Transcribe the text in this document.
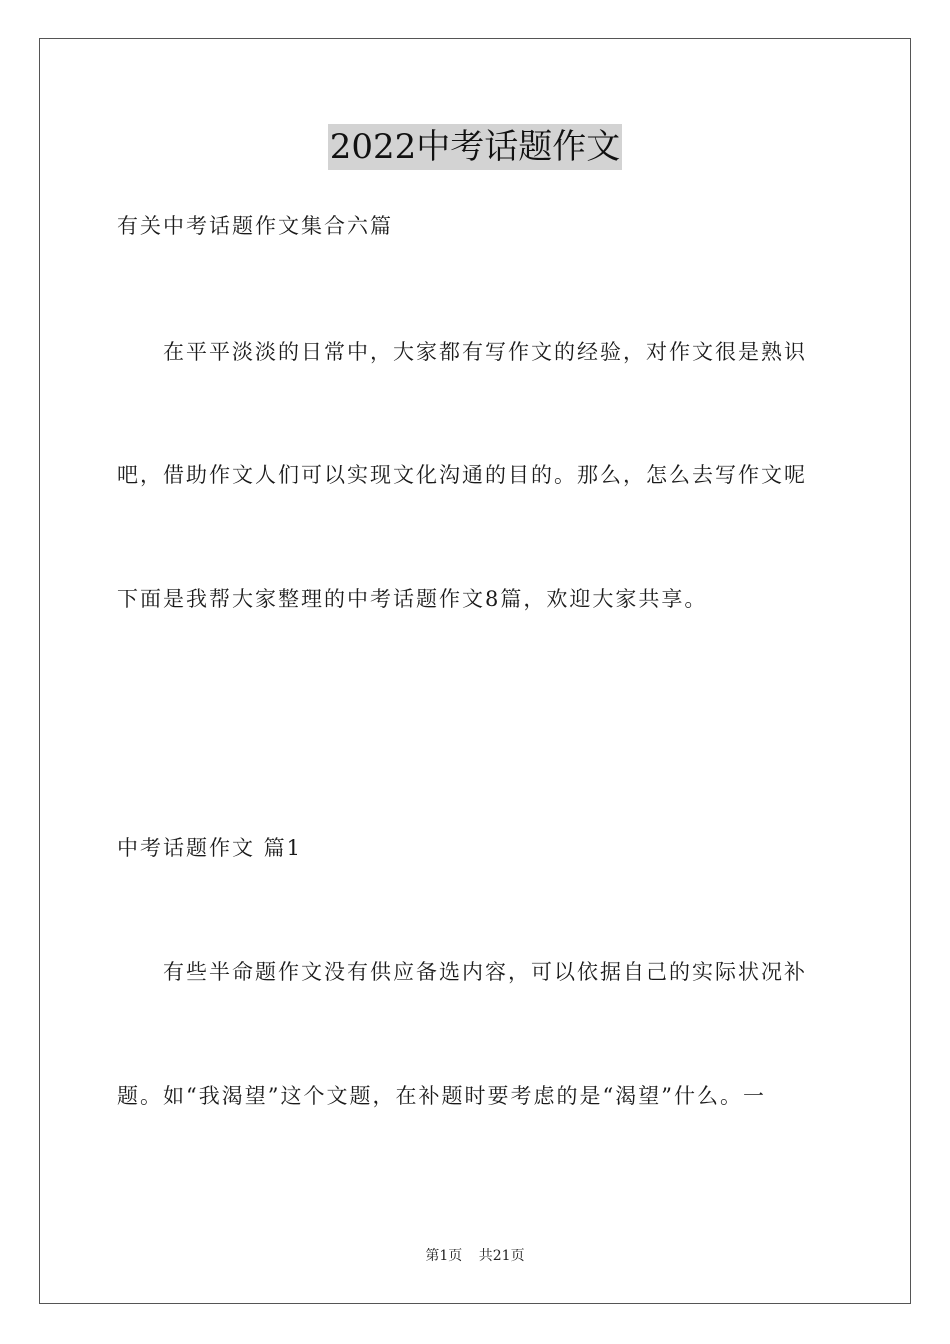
2022中考话题作文
有关中考话题作文集合六篇
在平平淡淡的日常中，大家都有写作文的经验，对作文很是熟识
吧，借助作文人们可以实现文化沟通的目的。那么，怎么去写作文呢
下面是我帮大家整理的中考话题作文8篇，欢迎大家共享。
中考话题作文 篇1
有些半命题作文没有供应备选内容，可以依据自己的实际状况补
题。如“我渴望”这个文题，在补题时要考虑的是“渴望”什么。一
第1页 共21页
